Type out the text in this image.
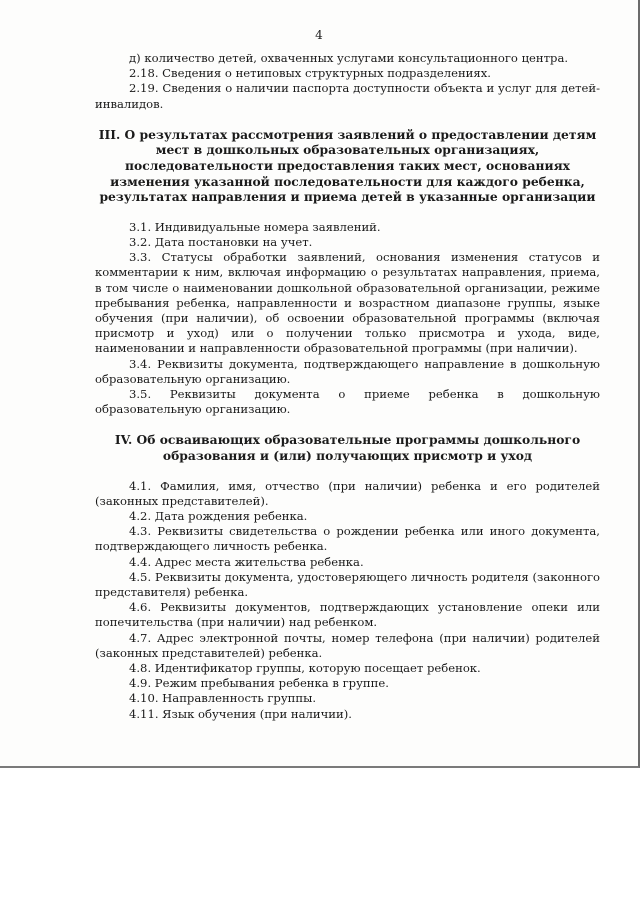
4

д) количество детей, охваченных услугами консультационного центра.

2.18. Сведения о нетиповых структурных подразделениях.

2.19. Сведения о наличии паспорта доступности объекта и услуг для детей-инвалидов.

III. О результатах рассмотрения заявлений о предоставлении детям мест в дошкольных образовательных организациях, последовательности предоставления таких мест, основаниях изменения указанной последовательности для каждого ребенка, результатах направления и приема детей в указанные организации

3.1. Индивидуальные номера заявлений.

3.2. Дата постановки на учет.

3.3. Статусы обработки заявлений, основания изменения статусов и комментарии к ним, включая информацию о результатах направления, приема, в том числе о наименовании дошкольной образовательной организации, режиме пребывания ребенка, направленности и возрастном диапазоне группы, языке обучения (при наличии), об освоении образовательной программы (включая присмотр и уход) или о получении только присмотра и ухода, виде, наименовании и направленности образовательной программы (при наличии).

3.4. Реквизиты документа, подтверждающего направление в дошкольную образовательную организацию.

3.5. Реквизиты документа о приеме ребенка в дошкольную образовательную организацию.

IV. Об осваивающих образовательные программы дошкольного образования и (или) получающих присмотр и уход

4.1. Фамилия, имя, отчество (при наличии) ребенка и его родителей (законных представителей).

4.2. Дата рождения ребенка.

4.3. Реквизиты свидетельства о рождении ребенка или иного документа, подтверждающего личность ребенка.

4.4. Адрес места жительства ребенка.

4.5. Реквизиты документа, удостоверяющего личность родителя (законного представителя) ребенка.

4.6. Реквизиты документов, подтверждающих установление опеки или попечительства (при наличии) над ребенком.

4.7. Адрес электронной почты, номер телефона (при наличии) родителей (законных представителей) ребенка.

4.8. Идентификатор группы, которую посещает ребенок.

4.9. Режим пребывания ребенка в группе.

4.10. Направленность группы.

4.11. Язык обучения (при наличии).
